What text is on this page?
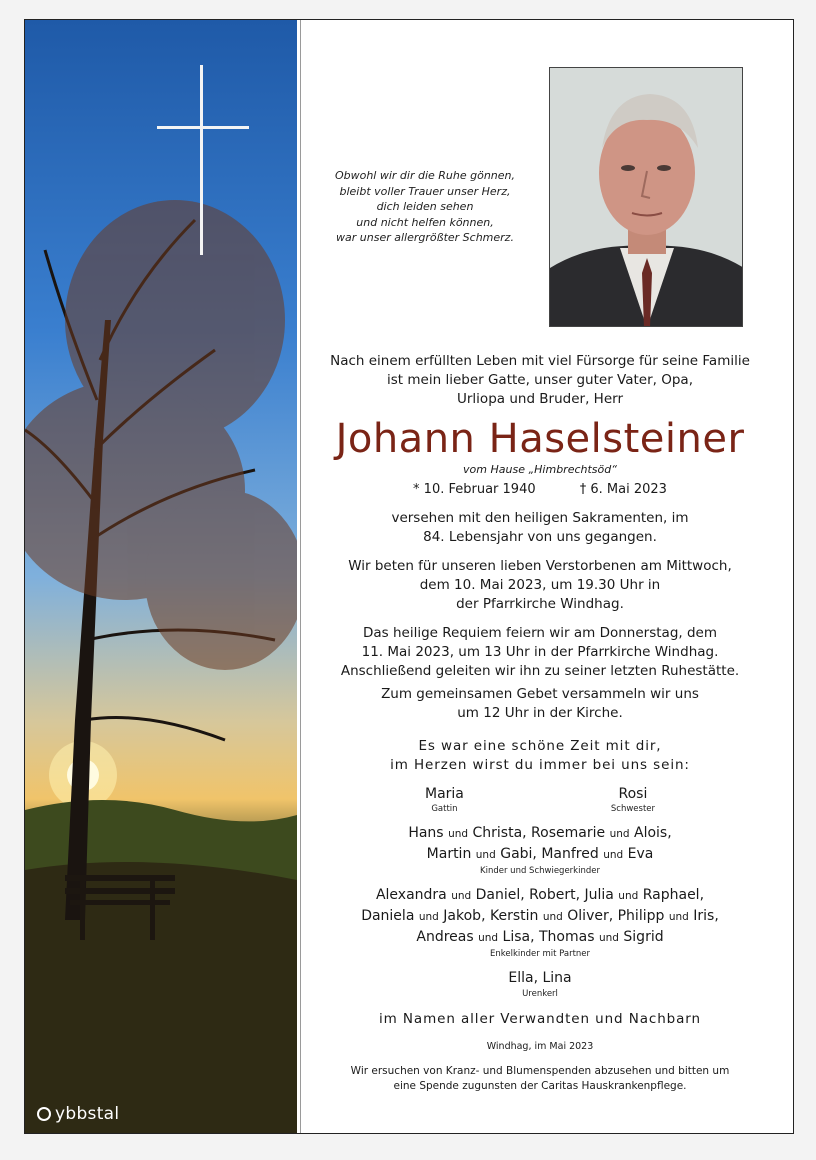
ybbstal
Obwohl wir dir die Ruhe gönnen,
bleibt voller Trauer unser Herz,
dich leiden sehen
und nicht helfen können,
war unser allergrößter Schmerz.

Nach einem erfüllten Leben mit viel Fürsorge für seine Familie

ist mein lieber Gatte, unser guter Vater, Opa,

Urliopa und Bruder, Herr

Johann Haselsteiner
vom Hause „Himbrechtsöd“
* 10. Februar 1940	† 6. Mai 2023

versehen mit den heiligen Sakramenten, im

84. Lebensjahr von uns gegangen.

Wir beten für unseren lieben Verstorbenen am Mittwoch,

dem 10. Mai 2023, um 19.30 Uhr in

der Pfarrkirche Windhag.

Das heilige Requiem feiern wir am Donnerstag, dem

11. Mai 2023, um 13 Uhr in der Pfarrkirche Windhag.

Anschließend geleiten wir ihn zu seiner letzten Ruhestätte.

Zum gemeinsamen Gebet versammeln wir uns

um 12 Uhr in der Kirche.

Es war eine schöne Zeit mit dir,
im Herzen wirst du immer bei uns sein:
Maria
Gattin
Rosi
Schwester
Hans und Christa, Rosemarie und Alois,
Martin und Gabi, Manfred und Eva
Kinder und Schwiegerkinder
Alexandra und Daniel, Robert, Julia und Raphael,
Daniela und Jakob, Kerstin und Oliver, Philipp und Iris,
Andreas und Lisa, Thomas und Sigrid
Enkelkinder mit Partner
Ella, Lina
Urenkerl
im Namen aller Verwandten und Nachbarn
Windhag, im Mai 2023
Wir ersuchen von Kranz- und Blumenspenden abzusehen und bitten um
eine Spende zugunsten der Caritas Hauskrankenpflege.
